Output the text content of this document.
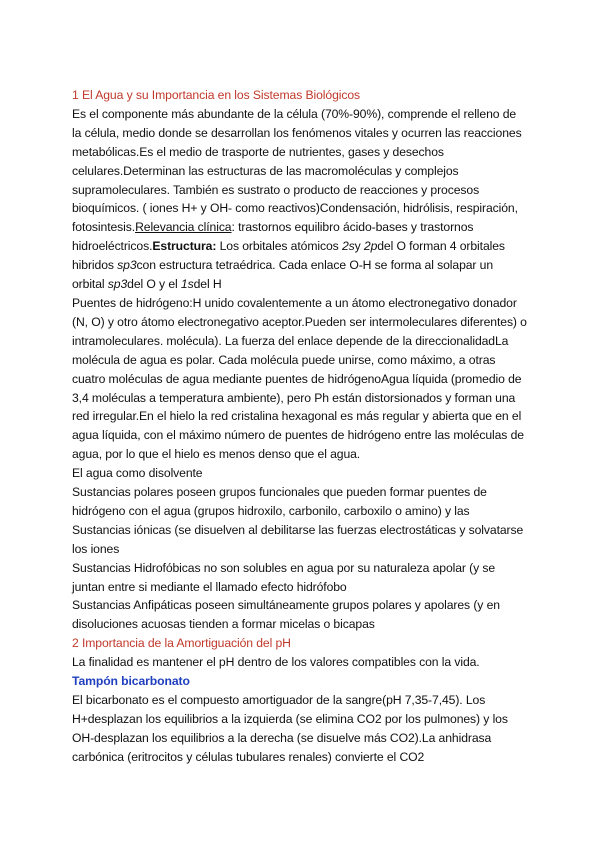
1 El Agua y su Importancia en los Sistemas Biológicos

Es el componente más abundante de la célula (70%-90%), comprende el relleno de la célula, medio donde se desarrollan los fenómenos vitales y ocurren las reacciones metabólicas.Es el medio de trasporte de nutrientes, gases y desechos celulares.Determinan las estructuras de las macromoléculas y complejos supramoleculares. También es sustrato o producto de reacciones y procesos bioquímicos. ( iones H+ y OH- como reactivos)Condensación, hidrólisis, respiración, fotosintesis.Relevancia clínica: trastornos equilibro ácido-bases y trastornos hidroeléctricos.Estructura: Los orbitales atómicos 2sy 2pdel O forman 4 orbitales hibridos sp3con estructura tetraédrica. Cada enlace O-H se forma al solapar un orbital sp3del O y el 1sdel H

Puentes de hidrógeno:H unido covalentemente a un átomo electronegativo donador (N, O) y otro átomo electronegativo aceptor.Pueden ser intermoleculares diferentes) o intramoleculares. molécula). La fuerza del enlace depende de la direccionalidadLa molécula de agua es polar. Cada molécula puede unirse, como máximo, a otras cuatro moléculas de agua mediante puentes de hidrógenoAgua líquida (promedio de 3,4 moléculas a temperatura ambiente), pero Ph están distorsionados y forman una red irregular.En el hielo la red cristalina hexagonal es más regular y abierta que en el agua líquida, con el máximo número de puentes de hidrógeno entre las moléculas de agua, por lo que el hielo es menos denso que el agua.

El agua como disolvente

Sustancias polares poseen grupos funcionales que pueden formar puentes de hidrógeno con el agua (grupos hidroxilo, carbonilo, carboxilo o amino) y las

Sustancias iónicas (se disuelven al debilitarse las fuerzas electrostáticas y solvatarse los iones

Sustancias Hidrofóbicas no son solubles en agua por su naturaleza apolar (y se juntan entre si mediante el llamado efecto hidrófobo

Sustancias Anfipáticas poseen simultáneamente grupos polares y apolares (y en disoluciones acuosas tienden a formar micelas o bicapas

2 Importancia de la Amortiguación del pH

La finalidad es mantener el pH dentro de los valores compatibles con la vida.

Tampón bicarbonato

El bicarbonato es el compuesto amortiguador de la sangre(pH 7,35-7,45). Los H+desplazan los equilibrios a la izquierda (se elimina CO2 por los pulmones) y los OH-desplazan los equilibrios a la derecha (se disuelve más CO2).La anhidrasa carbónica (eritrocitos y células tubulares renales) convierte el CO2
